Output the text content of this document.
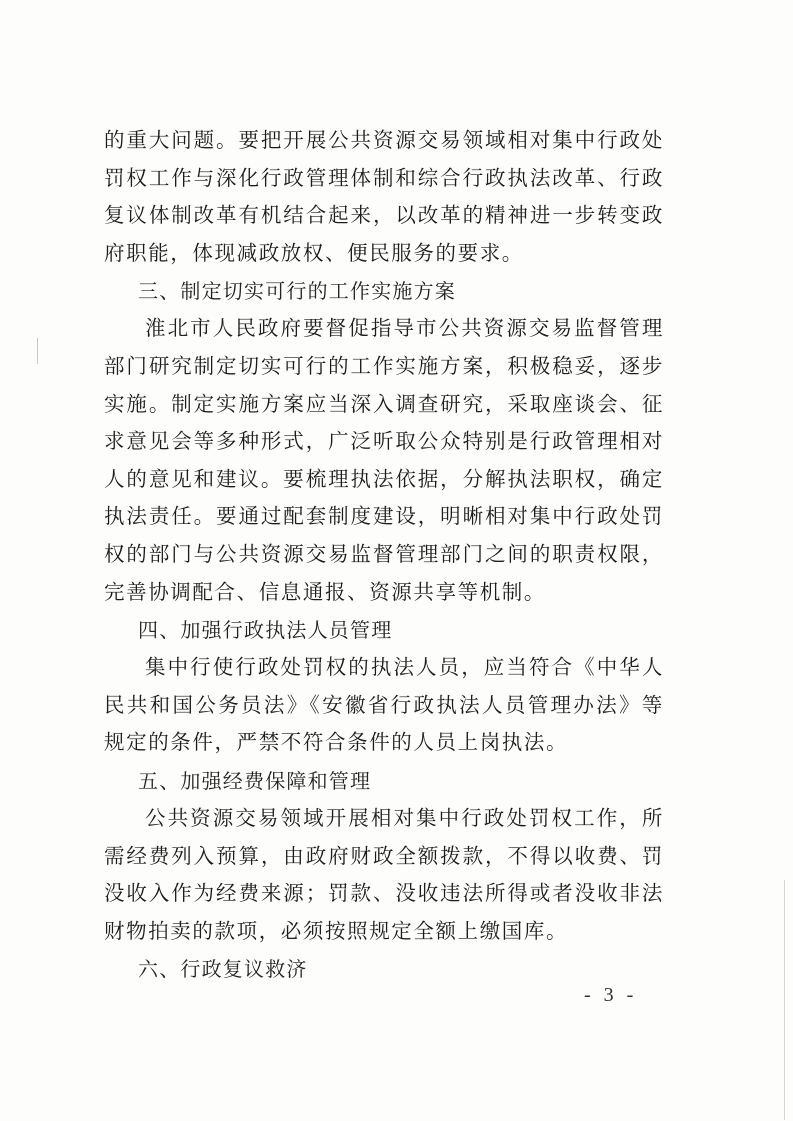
的重大问题。要把开展公共资源交易领域相对集中行政处罚权工作与深化行政管理体制和综合行政执法改革、行政复议体制改革有机结合起来，以改革的精神进一步转变政府职能，体现减政放权、便民服务的要求。

三、制定切实可行的工作实施方案

淮北市人民政府要督促指导市公共资源交易监督管理部门研究制定切实可行的工作实施方案，积极稳妥，逐步实施。制定实施方案应当深入调查研究，采取座谈会、征求意见会等多种形式，广泛听取公众特别是行政管理相对人的意见和建议。要梳理执法依据，分解执法职权，确定执法责任。要通过配套制度建设，明晰相对集中行政处罚权的部门与公共资源交易监督管理部门之间的职责权限，完善协调配合、信息通报、资源共享等机制。

四、加强行政执法人员管理

集中行使行政处罚权的执法人员，应当符合《中华人民共和国公务员法》《安徽省行政执法人员管理办法》等规定的条件，严禁不符合条件的人员上岗执法。

五、加强经费保障和管理

公共资源交易领域开展相对集中行政处罚权工作，所需经费列入预算，由政府财政全额拨款，不得以收费、罚没收入作为经费来源；罚款、没收违法所得或者没收非法财物拍卖的款项，必须按照规定全额上缴国库。

六、行政复议救济

- 3 -
